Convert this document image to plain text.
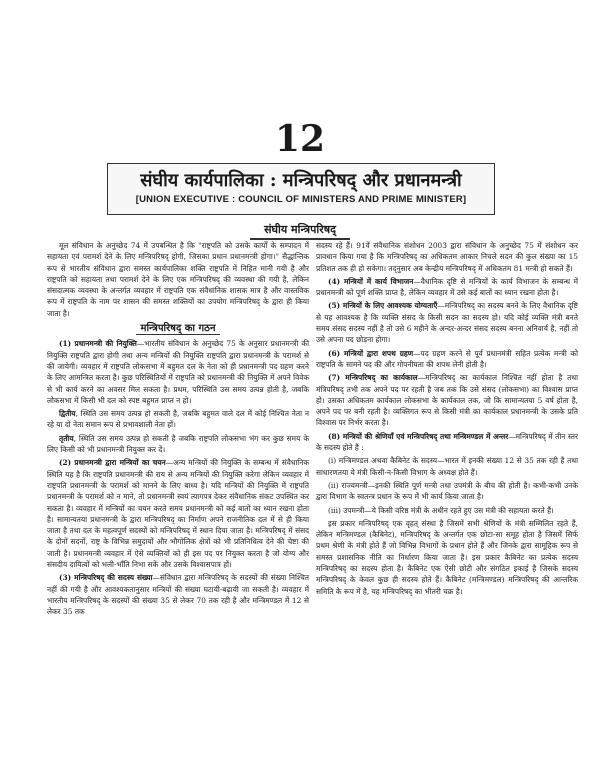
12
संघीय कार्यपालिका : मन्त्रिपरिषद् और प्रधानमन्त्री
[UNION EXECUTIVE : COUNCIL OF MINISTERS AND PRIME MINISTER]
संघीय मन्त्रिपरिषद्

मूल संविधान के अनुच्छेद 74 में उपबन्धित है कि "राष्ट्रपति को उसके कार्यों के सम्पादन में सहायता एवं परामर्श देने के लिए मन्त्रिपरिषद् होगी, जिसका प्रधान प्रधानमन्त्री होगा।" सैद्धान्तिक रूप से भारतीय संविधान द्वारा समस्त कार्यपालिका शक्ति राष्ट्रपति में निहित मानी गयी है और राष्ट्रपति को सहायता तथा परामर्श देने के लिए एक मन्त्रिपरिषद् की व्यवस्था की गयी है, लेकिन संसदात्मक व्यवस्था के अन्तर्गत व्यवहार में राष्ट्रपति एक संवैधानिक शासक मात्र है और वास्तविक रूप में राष्ट्रपति के नाम पर शासन की समस्त शक्तियों का उपयोग मन्त्रिपरिषद् के द्वारा ही किया जाता है।

मन्त्रिपरिषद् का गठन

(1) प्रधानमन्त्री की नियुक्ति—भारतीय संविधान के अनुच्छेद 75 के अनुसार प्रधानमन्त्री की नियुक्ति राष्ट्रपति द्वारा होगी तथा अन्य मन्त्रियों की नियुक्ति राष्ट्रपति द्वारा प्रधानमन्त्री के परामर्श से की जायेगी। व्यवहार में राष्ट्रपति लोकसभा में बहुमत दल के नेता को ही प्रधानमन्त्री पद ग्रहण करने के लिए आमन्त्रित करता है। कुछ परिस्थितियों में राष्ट्रपति को प्रधानमन्त्री की नियुक्ति में अपने विवेक से भी कार्य करने का अवसर मिल सकता है। प्रथम, परिस्थिति उस समय उत्पन्न होती है, जबकि लोकसभा में किसी भी दल को स्पष्ट बहुमत प्राप्त न हो।

द्वितीय, स्थिति उस समय उत्पन्न हो सकती है, जबकि बहुमत वाले दल में कोई निश्चित नेता न रहे या दो नेता समान रूप से प्रभावशाली नेता हों।

तृतीय, स्थिति उस समय उत्पन्न हो सकती है जबकि राष्ट्रपति लोकसभा भंग कर कुछ समय के लिए किसी को भी प्रधानमन्त्री नियुक्त कर दें।

(2) प्रधानमन्त्री द्वारा मन्त्रियों का चयन—अन्य मन्त्रियों की नियुक्ति के सम्बन्ध में संवैधानिक स्थिति यह है कि राष्ट्रपति प्रधानमन्त्री की राय से अन्य मन्त्रियों की नियुक्ति करेगा लेकिन व्यवहार में राष्ट्रपति प्रधानमन्त्री के परामर्श को मानने के लिए बाध्य है। यदि मन्त्रियों की नियुक्ति में राष्ट्रपति प्रधानमन्त्री के परामर्श को न माने, तो प्रधानमन्त्री स्वयं त्यागपत्र देकर संवैधानिक संकट उपस्थित कर सकता है। व्यवहार में मन्त्रियों का चयन करते समय प्रधानमन्त्री को कई बातों का ध्यान रखना होता है। सामान्यतया प्रधानमन्त्री के द्वारा मन्त्रिपरिषद् का निर्माण अपने राजनीतिक दल में से ही किया जाता है तथा दल के महत्वपूर्ण सदस्यों को मन्त्रिपरिषद् में स्थान दिया जाता है। मन्त्रिपरिषद् में संसद के दोनों सदनों, राष्ट्र के विभिन्न समुदायों और भौगोलिक क्षेत्रों को भी प्रतिनिधित्व देने की चेष्टा की जाती है। प्रधानमन्त्री व्यवहार में ऐसे व्यक्तियों को ही इस पद पर नियुक्त करता है जो योग्य और संसदीय दायित्वों को भली-भाँति निभा सकें और उसके विश्वासपात्र हों।

(3) मन्त्रिपरिषद् की सदस्य संख्या—संविधान द्वारा मन्त्रिपरिषद् के सदस्यों की संख्या निश्चित नहीं की गयी है और आवश्यकतानुसार मन्त्रियों की संख्या घटायी-बढ़ायी जा सकती है। व्यवहार में भारतीय मन्त्रिपरिषद् के सदस्यों की संख्या 35 से लेकर 70 तक रही है और मन्त्रिमण्डल में 12 से लेकर 35 तक

सदस्य रहे हैं। 91वें संवैधानिक संशोधन 2003 द्वारा संविधान के अनुच्छेद 75 में संशोधन कर प्रावधान किया गया है कि मन्त्रिपरिषद् का अधिकतम आकार निचले सदन की कुल संख्या का 15 प्रतिशत तक ही हो सकेगा। तद्नुसार अब केन्द्रीय मन्त्रिपरिषद् में अधिकतम 81 मन्त्री हो सकते हैं।

(4) मन्त्रियों में कार्य विभाजन—वैधानिक दृष्टि से मन्त्रियों के कार्य विभाजन के सम्बन्ध में प्रधानमन्त्री को पूर्ण शक्ति प्राप्त है, लेकिन व्यवहार में उसे कई बातों का ध्यान रखना होता है।

(5) मन्त्रियों के लिए आवश्यक योग्यताएँ—मन्त्रिपरिषद् का सदस्य बनने के लिए वैधानिक दृष्टि से यह आवश्यक है कि व्यक्ति संसद के किसी सदन का सदस्य हो। यदि कोई व्यक्ति मंत्री बनते समय संसद सदस्य नहीं है तो उसे 6 महीने के अन्दर-अन्दर संसद सदस्य बनना अनिवार्य है, नहीं तो उसे अपना पद छोड़ना होगा।

(6) मन्त्रियों द्वारा शपथ ग्रहण—पद ग्रहण करने से पूर्व प्रधानमंत्री सहित प्रत्येक मन्त्री को राष्ट्रपति के सामने पद की और गोपनीयता की शपथ लेनी होती है।

(7) मन्त्रिपरिषद् का कार्यकाल—मन्त्रिपरिषद् का कार्यकाल निश्चित नहीं होता है तथा मंत्रिपरिषद् तभी तक अपने पद पर रहती है जब तक कि उसे संसद (लोकसभा) का विश्वास प्राप्त हो। उसका अधिकतम कार्यकाल लोकसभा के कार्यकाल तक, जो कि सामान्यतया 5 वर्ष होता है, अपने पद पर बनी रहती है। व्यक्तिगत रूप से किसी मंत्री का कार्यकाल प्रधानमन्त्री के उसके प्रति विश्वास पर निर्भर करता है।

(8) मन्त्रियों की श्रेणियाँ एवं मन्त्रिपरिषद् तथा मन्त्रिमण्डल में अन्तर—मन्त्रिपरिषद् में तीन स्तर के सदस्य होते हैं :

(i) मन्त्रिमण्डल अथवा कैबिनेट के सदस्य—भारत में इनकी संख्या 12 से 35 तक रही है तथा साधारणतया ये मंत्री किसी-न-किसी विभाग के अध्यक्ष होते हैं।

(ii) राज्यमन्त्री—इनकी स्थिति पूर्ण मन्त्री तथा उपमंत्री के बीच की होती है। कभी-कभी उनके द्वारा विभाग के स्वतन्त्र प्रधान के रूप में भी कार्य किया जाता है।

(iii) उपमन्त्री—ये किसी वरिष्ठ मंत्री के अधीन रहते हुए उस मंत्री की सहायता करते हैं।

इस प्रकार मन्त्रिपरिषद् एक वृहत् संस्था है जिसमें सभी श्रेणियों के मंत्री सम्मिलित रहते हैं, लेकिन मन्त्रिमण्डल (कैबिनेट), मन्त्रिपरिषद् के अन्तर्गत एक छोटा-सा समूह होता है जिसमें सिर्फ प्रथम श्रेणी के मंत्री होते हैं जो विभिन्न विभागों के प्रधान होते हैं और जिनके द्वारा सामूहिक रूप से समस्त प्रशासनिक नीति का निर्धारण किया जाता है। इस प्रकार कैबिनेट का प्रत्येक सदस्य मन्त्रिपरिषद् का सदस्य होता है। कैबिनेट एक ऐसी छोटी और संगठित इकाई है जिसके सदस्य मन्त्रिपरिषद् के केवल कुछ ही सदस्य होते हैं। कैबिनेट (मन्त्रिमण्डल) मन्त्रिपरिषद् की आन्तरिक समिति के रूप में है, यह मन्त्रिपरिषद् का भीतरी चक्र है।
